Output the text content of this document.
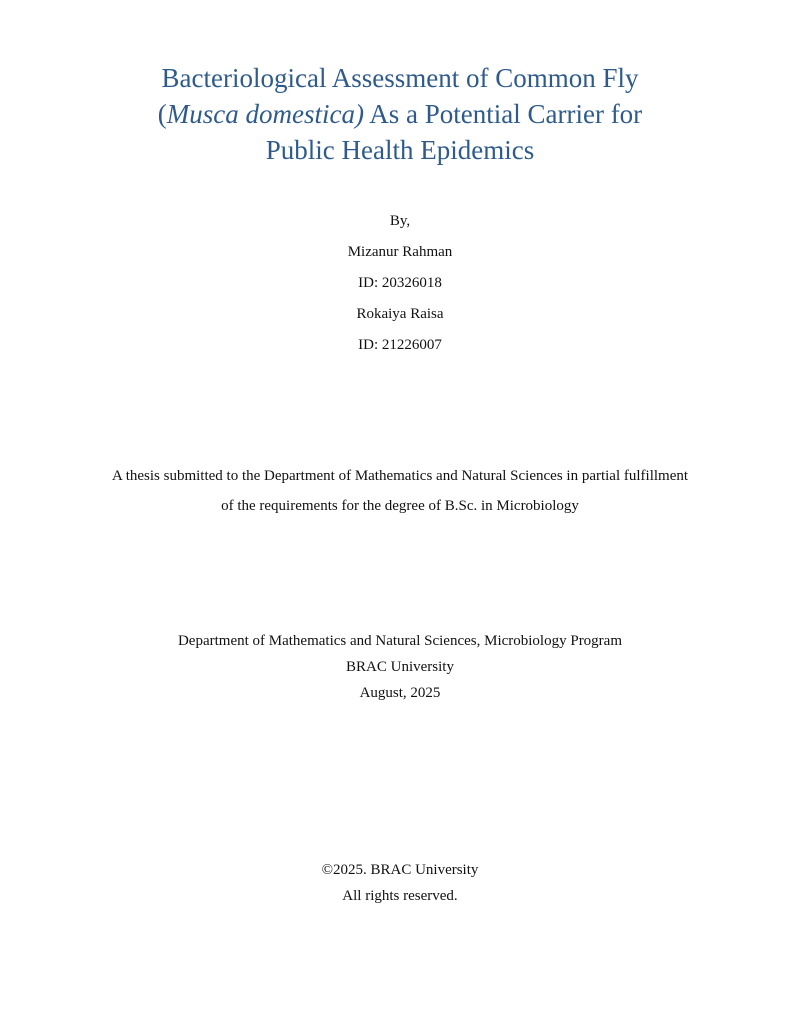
Bacteriological Assessment of Common Fly
(Musca domestica) As a Potential Carrier for
Public Health Epidemics
By,
Mizanur Rahman
ID: 20326018
Rokaiya Raisa
ID: 21226007
A thesis submitted to the Department of Mathematics and Natural Sciences in partial fulfillment
of the requirements for the degree of B.Sc. in Microbiology
Department of Mathematics and Natural Sciences, Microbiology Program
BRAC University
August, 2025
©2025. BRAC University
All rights reserved.
